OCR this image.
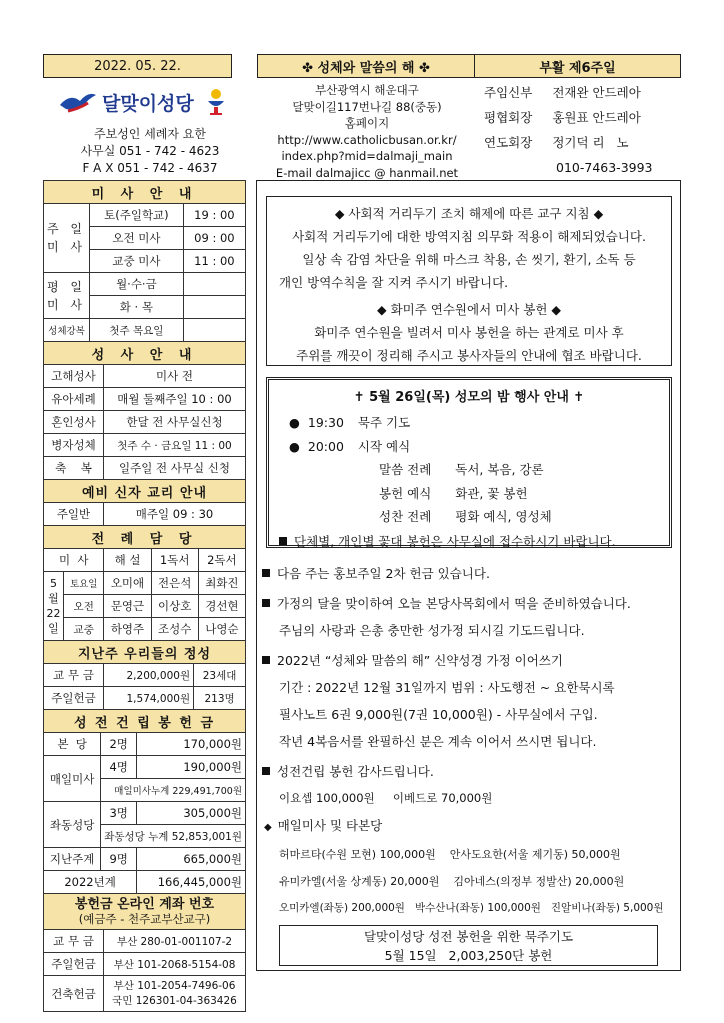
2022. 05. 22.	✤ 성체와 말씀의 해 ✤	부활 제6주일
달맞이성당
주보성인 세례자 요한
사무실 051 - 742 - 4623
F A X 051 - 742 - 4637
부산광역시 해운대구
달맞이길117번나길 88(중동)
홈페이지
http://www.catholicbusan.or.kr/
index.php?mid=dalmaji_main
E-mail dalmajicc @ hanmail.net
주임신부 전재완 안드레아
평협회장 홍원표 안드레아
연도회장 정기덕 리   노
010-7463-3993
미 사 안 내		
주 일 미 사	토(주일학교)	19 : 00
	오전 미사	09 : 00
	교중 미사	11 : 00
평 일 미 사	월·수·금	
	화 · 목	
성체강복	첫주 목요일	
성 사 안 내	
고해성사	미사 전
유아세례	매월 둘째주일 10 : 00
혼인성사	한달 전 사무실신청
병자성체	첫주 수 · 금요일 11 : 00
축    복	일주일 전 사무실 신청
예비 신자 교리 안내	
주일반	매주일 09 : 30
전 례 담 당				
미  사		해 설	1독서	2독서
5월 22일	토요일	오미애	전은석	최화진
	오전	문영근	이상호	경선현
	교중	하영주	조성수	나영순
지난주 우리들의 정성		
교 무 금	2,200,000원	23세대
주일헌금	1,574,000원	213명
성 전 건 립 봉 헌 금		
본  당	2명	170,000원
매일미사	4명	190,000원
	매일미사누계 229,491,700원	
좌동성당	3명	305,000원
	좌동성당 누계 52,853,001원	
지난주계	9명	665,000원
2022년계		166,445,000원
봉헌금 온라인 계좌 번호
(예금주 - 천주교부산교구)	

교 무 금	부산 280-01-001107-2
주일헌금	부산 101-2068-5154-08
건축헌금	부산 101-2054-7496-06
국민 126301-04-363426
◆ 사회적 거리두기 조치 해제에 따른 교구 지침 ◆
사회적 거리두기에 대한 방역지침 의무화 적용이 해제되었습니다.
일상 속 감염 차단을 위해 마스크 착용, 손 씻기, 환기, 소독 등
개인 방역수칙을 잘 지켜 주시기 바랍니다.
◆ 화미주 연수원에서 미사 봉헌 ◆
화미주 연수원을 빌려서 미사 봉헌을 하는 관계로 미사 후
주위를 깨끗이 정리해 주시고 봉사자들의 안내에 협조 바랍니다.
✝ 5월 26일(목) 성모의 밤 행사 안내 ✝
● 19:30 묵주 기도
● 20:00 시작 예식
말씀 전례 독서, 복음, 강론
봉헌 예식 화관, 꽃 봉헌
성찬 전례 평화 예식, 영성체
단체별, 개인별 꽃대 봉헌은 사무실에 접수하시기 바랍니다.
다음 주는 홍보주일 2차 헌금 있습니다.
가정의 달을 맞이하여 오늘 본당사목회에서 떡을 준비하였습니다.
주님의 사랑과 은총 충만한 성가정 되시길 기도드립니다.
2022년 “성체와 말씀의 해” 신약성경 가정 이어쓰기
기간 : 2022년 12월 31일까지 범위 : 사도행전 ~ 요한묵시록
필사노트 6권 9,000원(7권 10,000원) - 사무실에서 구입.
작년 4복음서를 완필하신 분은 계속 이어서 쓰시면 됩니다.
성전건립 봉헌 감사드립니다.
이요셉 100,000원     이베드로 70,000원
◆ 매일미사 및 타본당
허마르타(수원 모현) 100,000원 안사도요한(서울 제기동) 50,000원
유미카엘(서울 상계동) 20,000원 김아네스(의정부 정발산) 20,000원
오미카엘(좌동) 200,000원 박수산나(좌동) 100,000원 진알비나(좌동) 5,000원
달맞이성당 성전 봉헌을 위한 묵주기도
5월 15일   2,003,250단 봉헌
